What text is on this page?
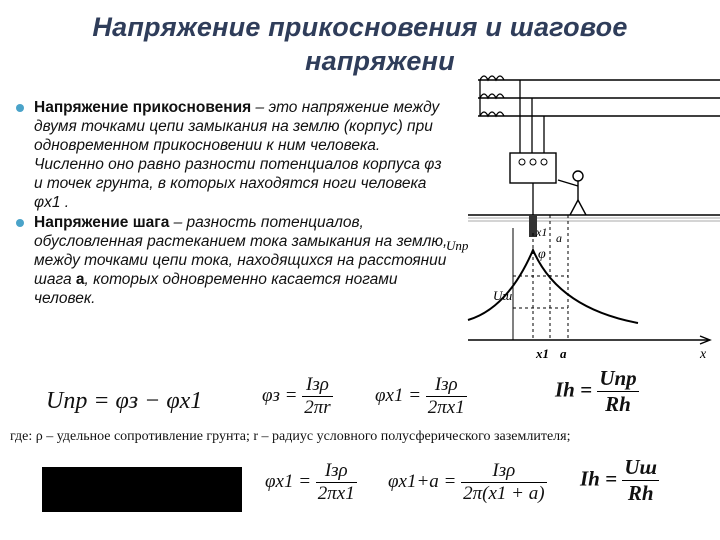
Напряжение прикосновения и шаговое
напряжени
Напряжение прикосновения – это напряжение между двумя точками цепи замыкания на землю (корпус) при одновременном прикосновении к ним человека. Численно оно равно разности потенциалов корпуса φз и точек грунта, в которых находятся ноги человека φx1 .
Напряжение шага – разность потенциалов, обусловленная растеканием тока замыкания на землю, между точками цепи тока, находящихся на расстоянии шага а, которых одновременно касается ногами человек.
Uпр
Uш
φ
x1 a
x1 a	x
Uпр = φз − φx1	$\varphi з = \frac{\text{Iзρ}}{2\pi r} \varphi x1 = \frac{\text{Iзρ}}{2\pi x1}$	$Ih = \frac{\text{Uпр}}{Rh}$
где: ρ – удельное сопротивление грунта; r – радиус условного полусферического заземлителя;
$\varphi x1 = \frac{\text{Iзρ}}{2\pi x1} \varphi x1+a = \frac{\text{Iзρ}}{2\pi(x1 + a)}$ $Ih = \frac{Uш}{Rh}$
